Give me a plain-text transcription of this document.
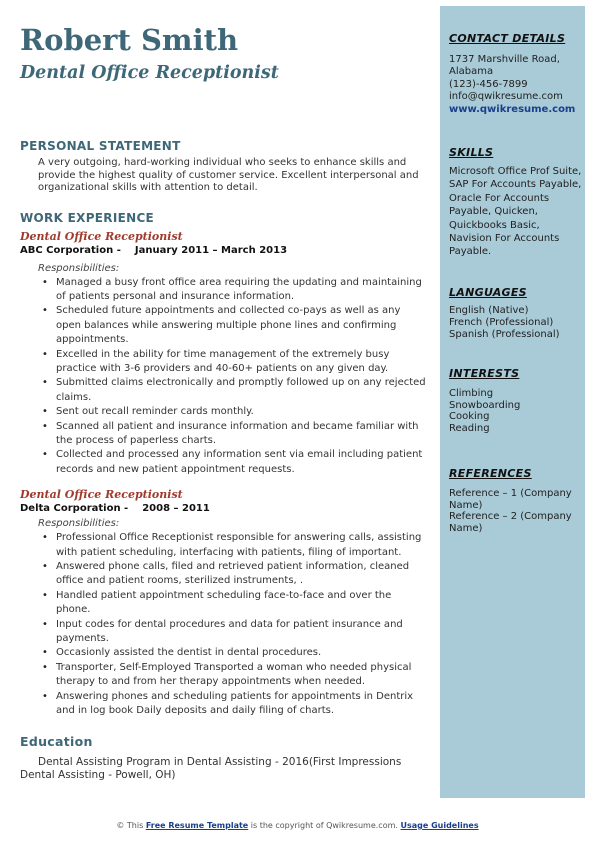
Robert Smith
Dental Office Receptionist
PERSONAL STATEMENT
A very outgoing, hard-working individual who seeks to enhance skills and provide the highest quality of customer service. Excellent interpersonal and organizational skills with attention to detail.
WORK EXPERIENCE
Dental Office Receptionist
ABC Corporation - January 2011 – March 2013
Responsibilities:
• Managed a busy front office area requiring the updating and maintaining of patients personal and insurance information.
• Scheduled future appointments and collected co-pays as well as any open balances while answering multiple phone lines and confirming appointments.
• Excelled in the ability for time management of the extremely busy practice with 3-6 providers and 40-60+ patients on any given day.
• Submitted claims electronically and promptly followed up on any rejected claims.
• Sent out recall reminder cards monthly.
• Scanned all patient and insurance information and became familiar with the process of paperless charts.
• Collected and processed any information sent via email including patient records and new patient appointment requests.
Dental Office Receptionist
Delta Corporation - 2008 – 2011
Responsibilities:
• Professional Office Receptionist responsible for answering calls, assisting with patient scheduling, interfacing with patients, filing of important.
• Answered phone calls, filed and retrieved patient information, cleaned office and patient rooms, sterilized instruments, .
• Handled patient appointment scheduling face-to-face and over the phone.
• Input codes for dental procedures and data for patient insurance and payments.
• Occasionly assisted the dentist in dental procedures.
• Transporter, Self-Employed Transported a woman who needed physical therapy to and from her therapy appointments when needed.
• Answering phones and scheduling patients for appointments in Dentrix and in log book Daily deposits and daily filing of charts.
Education
Dental Assisting Program in Dental Assisting - 2016(First Impressions Dental Assisting - Powell, OH)
CONTACT DETAILS
1737 Marshville Road,
Alabama
(123)-456-7899
info@qwikresume.com
www.qwikresume.com
SKILLS
Microsoft Office Prof Suite, SAP For Accounts Payable, Oracle For Accounts Payable, Quicken, Quickbooks Basic, Navision For Accounts Payable.
LANGUAGES
English (Native)
French (Professional)
Spanish (Professional)
INTERESTS
Climbing
Snowboarding
Cooking
Reading
REFERENCES
Reference – 1 (Company Name)
Reference – 2 (Company Name)
© This Free Resume Template is the copyright of Qwikresume.com. Usage Guidelines
